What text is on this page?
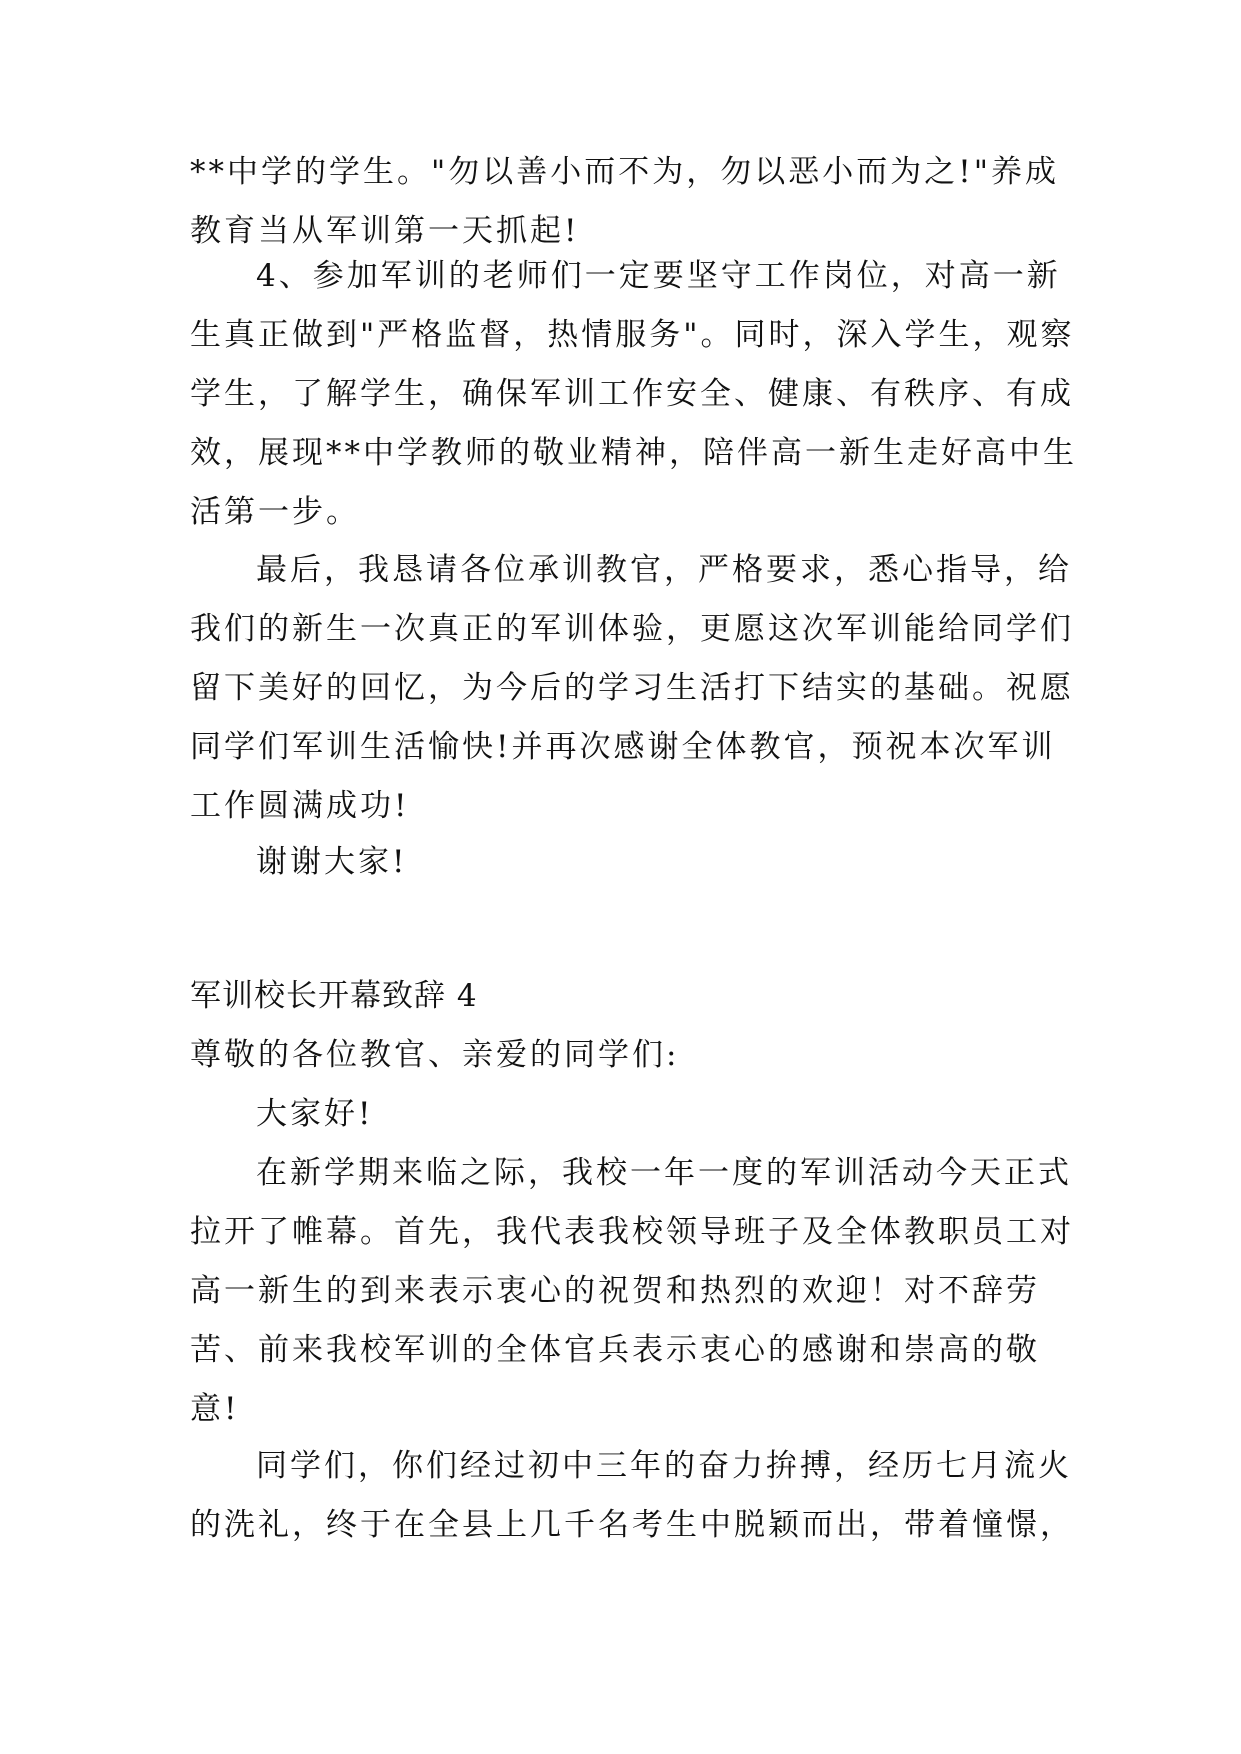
**中学的学生。"勿以善小而不为，勿以恶小而为之!"养成
教育当从军训第一天抓起!
4、参加军训的老师们一定要坚守工作岗位，对高一新
生真正做到"严格监督，热情服务"。同时，深入学生，观察
学生，了解学生，确保军训工作安全、健康、有秩序、有成
效，展现**中学教师的敬业精神，陪伴高一新生走好高中生
活第一步。
最后，我恳请各位承训教官，严格要求，悉心指导，给
我们的新生一次真正的军训体验，更愿这次军训能给同学们
留下美好的回忆，为今后的学习生活打下结实的基础。祝愿
同学们军训生活愉快!并再次感谢全体教官，预祝本次军训
工作圆满成功!
谢谢大家!
军训校长开幕致辞 4
尊敬的各位教官、亲爱的同学们:
大家好!
在新学期来临之际，我校一年一度的军训活动今天正式
拉开了帷幕。首先，我代表我校领导班子及全体教职员工对
高一新生的到来表示衷心的祝贺和热烈的欢迎！对不辞劳
苦、前来我校军训的全体官兵表示衷心的感谢和崇高的敬
意!
同学们，你们经过初中三年的奋力拚搏，经历七月流火
的洗礼，终于在全县上几千名考生中脱颖而出，带着憧憬，
